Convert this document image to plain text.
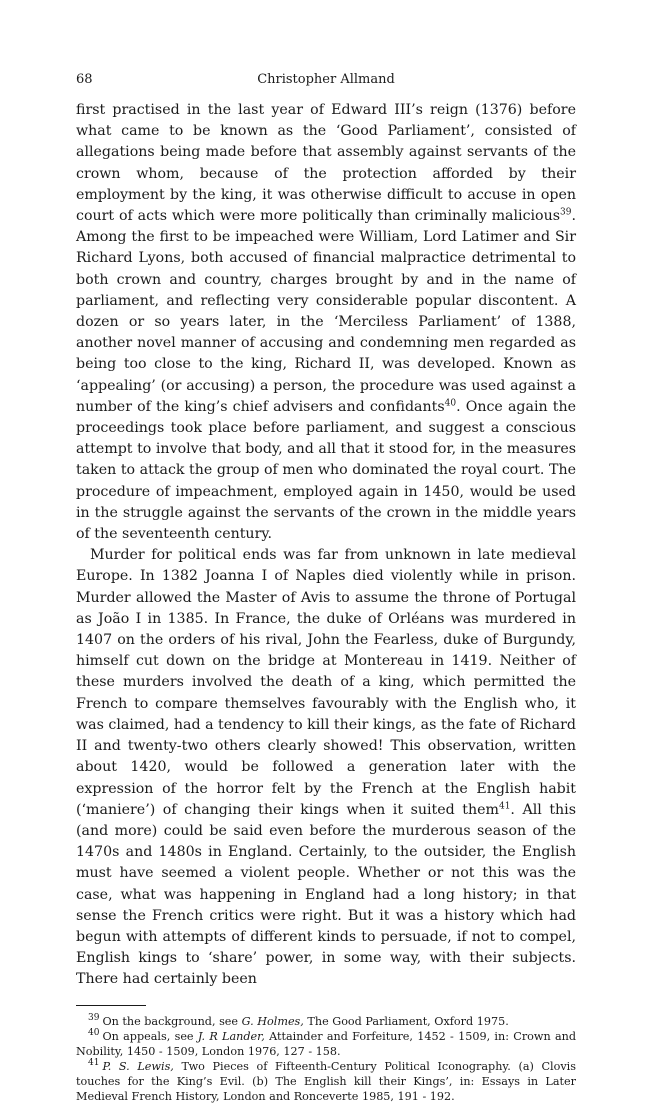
68	Christopher Allmand

first practised in the last year of Edward III’s reign (1376) before what came to be known as the ‘Good Parliament’, consisted of allegations being made before that assembly against servants of the crown whom, because of the protection afforded by their employment by the king, it was otherwise difficult to accuse in open court of acts which were more politically than criminally malicious$^{39}$. Among the first to be impeached were William, Lord Latimer and Sir Richard Lyons, both accused of financial malpractice detrimental to both crown and country, charges brought by and in the name of parliament, and reflecting very considerable popular discontent. A dozen or so years later, in the ‘Merciless Parliament’ of 1388, another novel manner of accusing and condemning men regarded as being too close to the king, Richard II, was developed. Known as ‘appealing’ (or accusing) a person, the procedure was used against a number of the king’s chief advisers and confidants$^{40}$. Once again the proceedings took place before parliament, and suggest a conscious attempt to involve that body, and all that it stood for, in the measures taken to attack the group of men who dominated the royal court. The procedure of impeachment, employed again in 1450, would be used in the struggle against the servants of the crown in the middle years of the seventeenth century.

Murder for political ends was far from unknown in late medieval Europe. In 1382 Joanna I of Naples died violently while in prison. Murder allowed the Master of Avis to assume the throne of Portugal as João I in 1385. In France, the duke of Orléans was murdered in 1407 on the orders of his rival, John the Fearless, duke of Burgundy, himself cut down on the bridge at Montereau in 1419. Neither of these murders involved the death of a king, which permitted the French to compare themselves favourably with the English who, it was claimed, had a tendency to kill their kings, as the fate of Richard II and twenty-two others clearly showed! This observation, written about 1420, would be followed a generation later with the expression of the horror felt by the French at the English habit (‘maniere’) of changing their kings when it suited them$^{41}$. All this (and more) could be said even before the murderous season of the 1470s and 1480s in England. Certainly, to the outsider, the English must have seemed a violent people. Whether or not this was the case, what was happening in England had a long history; in that sense the French critics were right. But it was a history which had begun with attempts of different kinds to persuade, if not to compel, English kings to ‘share’ power, in some way, with their subjects. There had certainly been

$^{39}$ On the background, see G. Holmes, The Good Parliament, Oxford 1975.

$^{40}$ On appeals, see J. R Lander, Attainder and Forfeiture, 1452 - 1509, in: Crown and Nobility, 1450 - 1509, London 1976, 127 - 158.

$^{41}$ P. S. Lewis, Two Pieces of Fifteenth-Century Political Iconography. (a) Clovis touches for the King’s Evil. (b) The English kill their Kings’, in: Essays in Later Medieval French History, London and Ronceverte 1985, 191 - 192.
